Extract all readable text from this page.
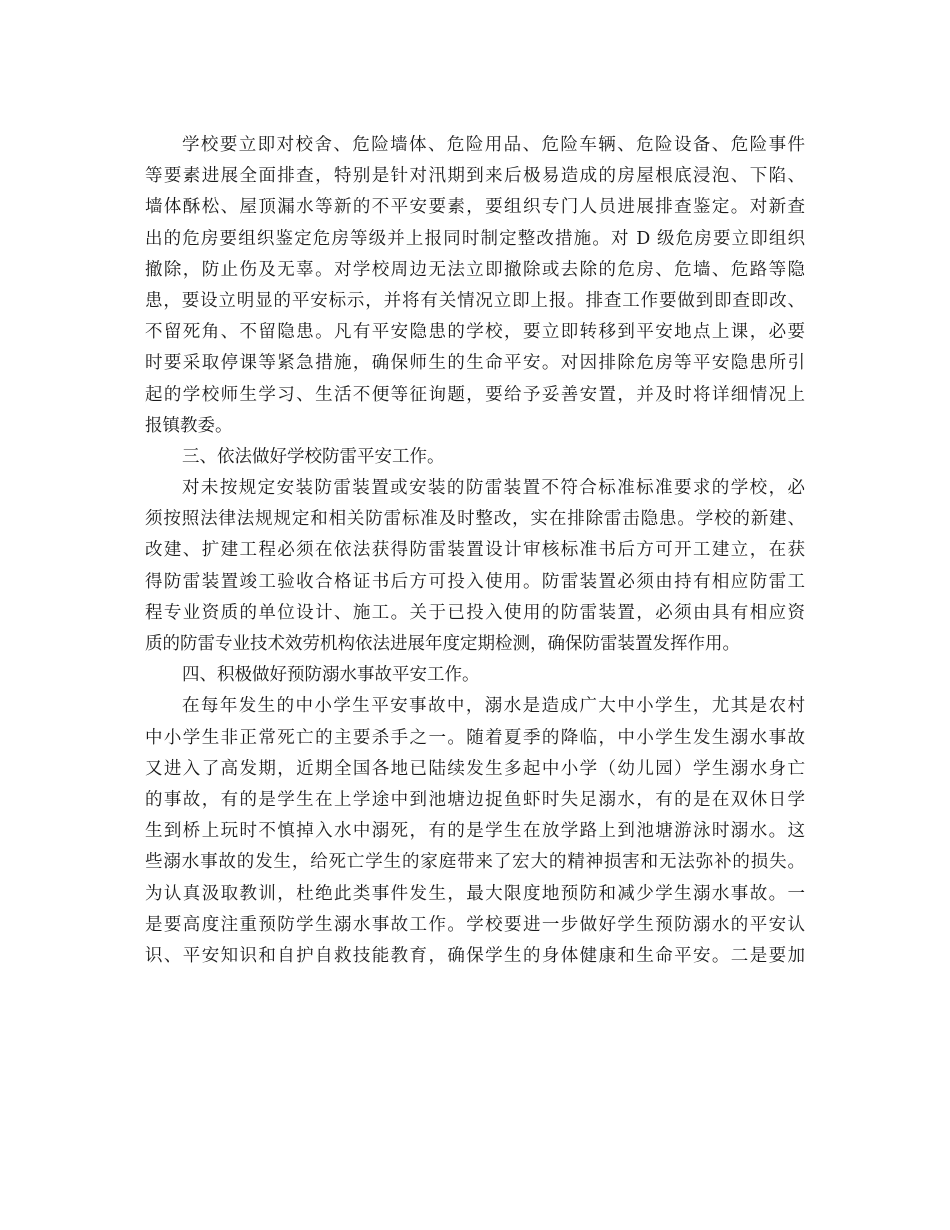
学校要立即对校舍、危险墙体、危险用品、危险车辆、危险设备、危险事件
等要素进展全面排查，特别是针对汛期到来后极易造成的房屋根底浸泡、下陷、
墙体酥松、屋顶漏水等新的不平安要素，要组织专门人员进展排查鉴定。对新查
出的危房要组织鉴定危房等级并上报同时制定整改措施。对 D 级危房要立即组织
撤除，防止伤及无辜。对学校周边无法立即撤除或去除的危房、危墙、危路等隐
患，要设立明显的平安标示，并将有关情况立即上报。排查工作要做到即查即改、
不留死角、不留隐患。凡有平安隐患的学校，要立即转移到平安地点上课，必要
时要采取停课等紧急措施，确保师生的生命平安。对因排除危房等平安隐患所引
起的学校师生学习、生活不便等征询题，要给予妥善安置，并及时将详细情况上
报镇教委。
三、依法做好学校防雷平安工作。
对未按规定安装防雷装置或安装的防雷装置不符合标准标准要求的学校，必
须按照法律法规规定和相关防雷标准及时整改，实在排除雷击隐患。学校的新建、
改建、扩建工程必须在依法获得防雷装置设计审核标准书后方可开工建立，在获
得防雷装置竣工验收合格证书后方可投入使用。防雷装置必须由持有相应防雷工
程专业资质的单位设计、施工。关于已投入使用的防雷装置，必须由具有相应资
质的防雷专业技术效劳机构依法进展年度定期检测，确保防雷装置发挥作用。
四、积极做好预防溺水事故平安工作。
在每年发生的中小学生平安事故中，溺水是造成广大中小学生，尤其是农村
中小学生非正常死亡的主要杀手之一。随着夏季的降临，中小学生发生溺水事故
又进入了高发期，近期全国各地已陆续发生多起中小学（幼儿园）学生溺水身亡
的事故，有的是学生在上学途中到池塘边捉鱼虾时失足溺水，有的是在双休日学
生到桥上玩时不慎掉入水中溺死，有的是学生在放学路上到池塘游泳时溺水。这
些溺水事故的发生，给死亡学生的家庭带来了宏大的精神损害和无法弥补的损失。
为认真汲取教训，杜绝此类事件发生，最大限度地预防和减少学生溺水事故。一
是要高度注重预防学生溺水事故工作。学校要进一步做好学生预防溺水的平安认
识、平安知识和自护自救技能教育，确保学生的身体健康和生命平安。二是要加
